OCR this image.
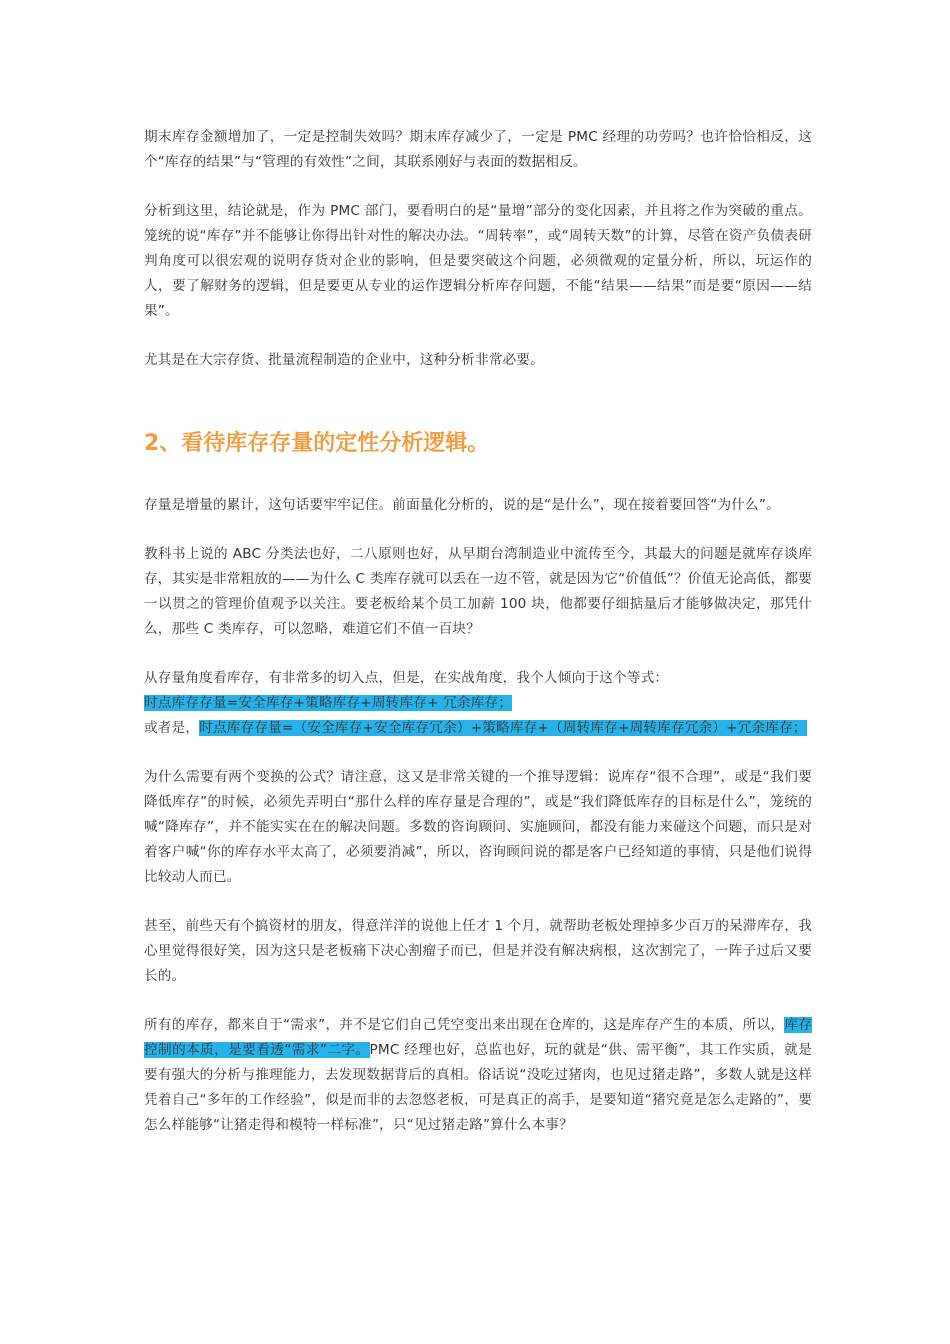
期末库存金额增加了，一定是控制失效吗？期末库存减少了，一定是 PMC 经理的功劳吗？也许恰恰相反，这个“库存的结果”与“管理的有效性”之间，其联系刚好与表面的数据相反。

分析到这里，结论就是，作为 PMC 部门，要看明白的是“量增”部分的变化因素，并且将之作为突破的重点。笼统的说“库存”并不能够让你得出针对性的解决办法。“周转率”，或“周转天数”的计算，尽管在资产负债表研判角度可以很宏观的说明存货对企业的影响，但是要突破这个问题，必须微观的定量分析，所以，玩运作的人，要了解财务的逻辑，但是要更从专业的运作逻辑分析库存问题，不能“结果——结果”而是要“原因——结果”。

尤其是在大宗存货、批量流程制造的企业中，这种分析非常必要。

2、看待库存存量的定性分析逻辑。

存量是增量的累计，这句话要牢牢记住。前面量化分析的，说的是“是什么”，现在接着要回答“为什么”。

教科书上说的 ABC 分类法也好，二八原则也好，从早期台湾制造业中流传至今，其最大的问题是就库存谈库存，其实是非常粗放的——为什么 C 类库存就可以丢在一边不管，就是因为它“价值低”？价值无论高低，都要一以贯之的管理价值观予以关注。要老板给某个员工加薪 100 块，他都要仔细掂量后才能够做决定，那凭什么，那些 C 类库存，可以忽略，难道它们不值一百块？

从存量角度看库存，有非常多的切入点，但是，在实战角度，我个人倾向于这个等式：
时点库存存量=安全库存+策略库存+周转库存+ 冗余库存；
或者是，时点库存存量=（安全库存+安全库存冗余）+策略库存+（周转库存+周转库存冗余）+冗余库存；

为什么需要有两个变换的公式？请注意，这又是非常关键的一个推导逻辑：说库存“很不合理”，或是“我们要降低库存”的时候，必须先弄明白“那什么样的库存量是合理的”，或是“我们降低库存的目标是什么”，笼统的喊“降库存”，并不能实实在在的解决问题。多数的咨询顾问、实施顾问，都没有能力来碰这个问题，而只是对着客户喊“你的库存水平太高了，必须要消减”，所以，咨询顾问说的都是客户已经知道的事情，只是他们说得比较动人而已。

甚至，前些天有个搞资材的朋友，得意洋洋的说他上任才 1 个月，就帮助老板处理掉多少百万的呆滞库存，我心里觉得很好笑，因为这只是老板痛下决心割瘤子而已，但是并没有解决病根，这次割完了，一阵子过后又要长的。

所有的库存，都来自于“需求”，并不是它们自己凭空变出来出现在仓库的，这是库存产生的本质，所以，库存控制的本质，是要看透“需求”二字。PMC 经理也好，总监也好，玩的就是“供、需平衡”，其工作实质，就是要有强大的分析与推理能力，去发现数据背后的真相。俗话说“没吃过猪肉，也见过猪走路”，多数人就是这样凭着自己“多年的工作经验”，似是而非的去忽悠老板，可是真正的高手，是要知道“猪究竟是怎么走路的”，要怎么样能够“让猪走得和模特一样标准”，只“见过猪走路”算什么本事？
